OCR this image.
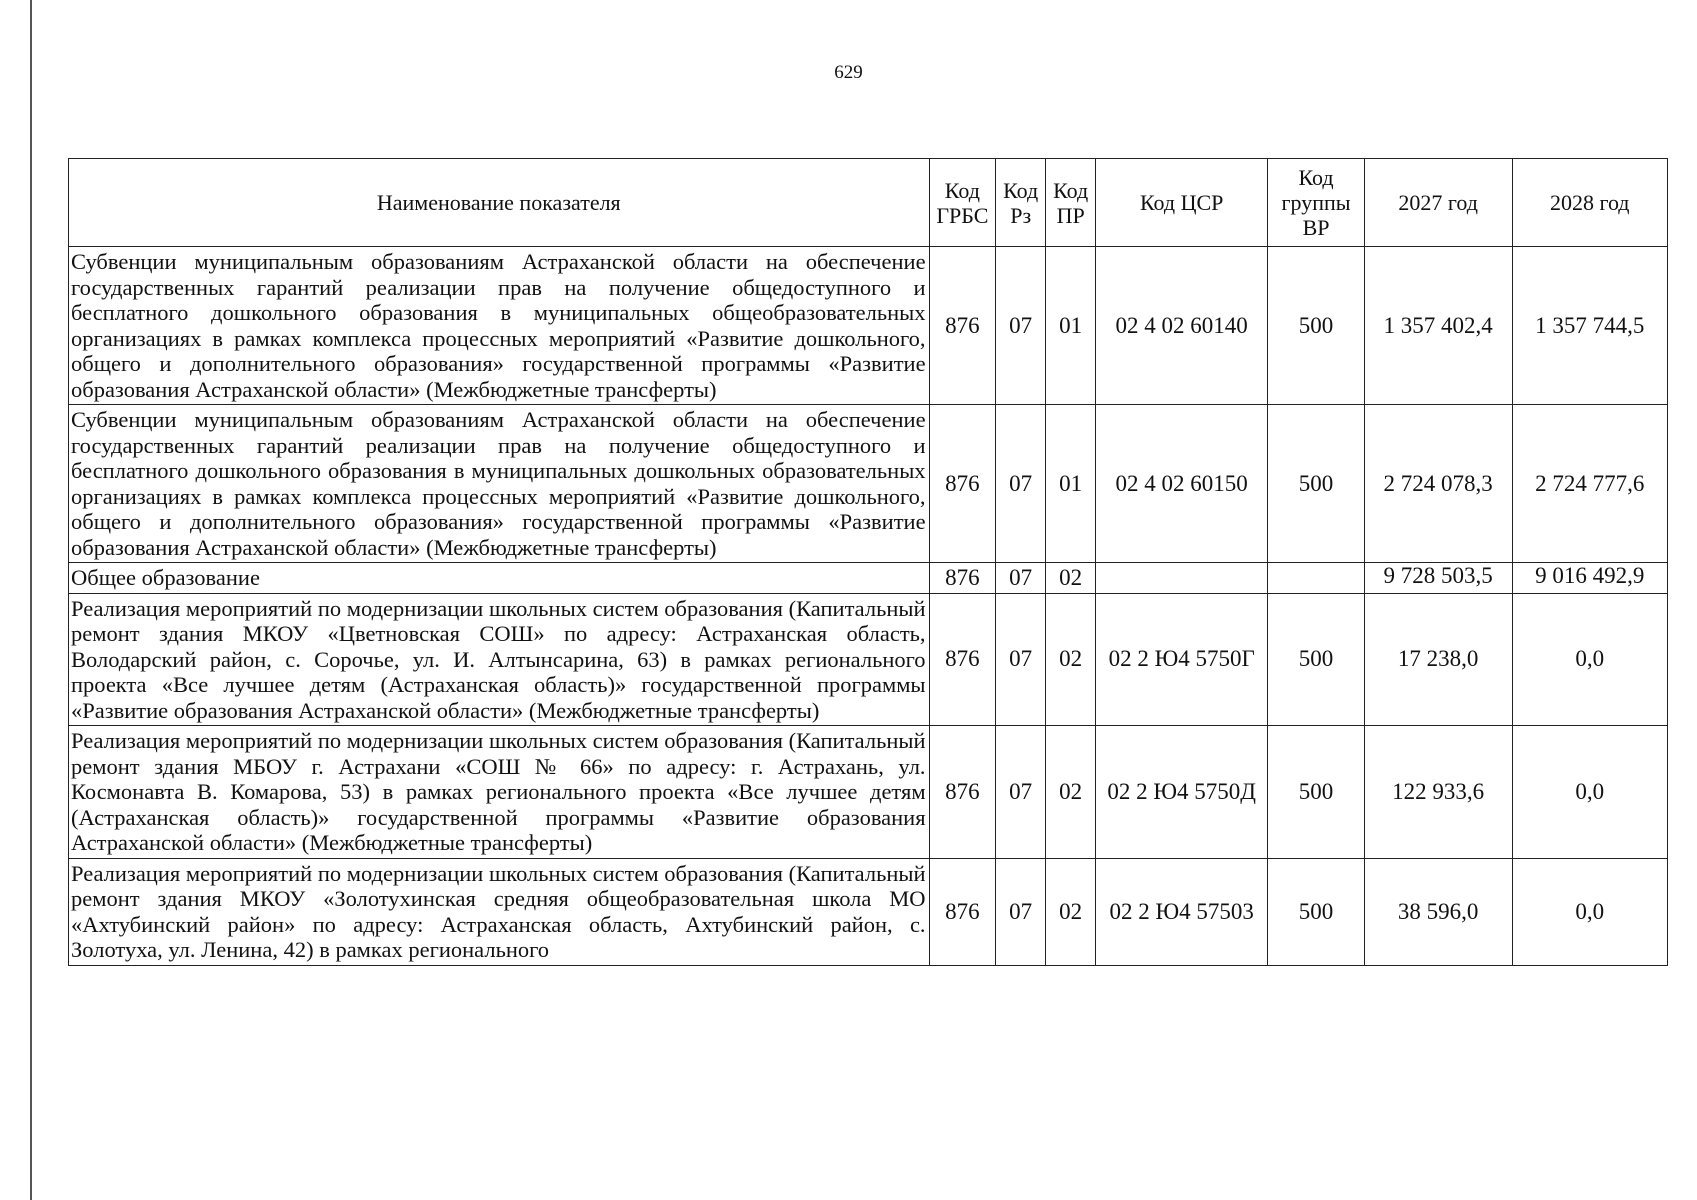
629
Наименование показателя	Код ГРБС	Код Рз	Код ПР	Код ЦСР	Код группы ВР	2027 год	2028 год
Субвенции муниципальным образованиям Астраханской области на обеспечение государственных гарантий реализации прав на получение общедоступного и бесплатного дошкольного образования в муниципальных общеобразовательных организациях в рамках комплекса процессных мероприятий «Развитие дошкольного, общего и дополнительного образования» государственной программы «Развитие образования Астраханской области» (Межбюджетные трансферты)	876	07	01	02 4 02 60140	500	1 357 402,4	1 357 744,5
Субвенции муниципальным образованиям Астраханской области на обеспечение государственных гарантий реализации прав на получение общедоступного и бесплатного дошкольного образования в муниципальных дошкольных образовательных организациях в рамках комплекса процессных мероприятий «Развитие дошкольного, общего и дополнительного образования» государственной программы «Развитие образования Астраханской области» (Межбюджетные трансферты)	876	07	01	02 4 02 60150	500	2 724 078,3	2 724 777,6
Общее образование	876	07	02			9 728 503,5	9 016 492,9
Реализация мероприятий по модернизации школьных систем образования (Капитальный ремонт здания МКОУ «Цветновская СОШ» по адресу: Астраханская область, Володарский район, с. Сорочье, ул. И. Алтынсарина, 63) в рамках регионального проекта «Все лучшее детям (Астраханская область)» государственной программы «Развитие образования Астраханской области» (Межбюджетные трансферты)	876	07	02	02 2 Ю4 5750Г	500	17 238,0	0,0
Реализация мероприятий по модернизации школьных систем образования (Капитальный ремонт здания МБОУ г. Астрахани «СОШ № 66» по адресу: г. Астрахань, ул. Космонавта В. Комарова, 53) в рамках регионального проекта «Все лучшее детям (Астраханская область)» государственной программы «Развитие образования Астраханской области» (Межбюджетные трансферты)	876	07	02	02 2 Ю4 5750Д	500	122 933,6	0,0
Реализация мероприятий по модернизации школьных систем образования (Капитальный ремонт здания МКОУ «Золотухинская средняя общеобразовательная школа МО «Ахтубинский район» по адресу: Астраханская область, Ахтубинский район, с. Золотуха, ул. Ленина, 42) в рамках регионального	876	07	02	02 2 Ю4 57503	500	38 596,0	0,0
